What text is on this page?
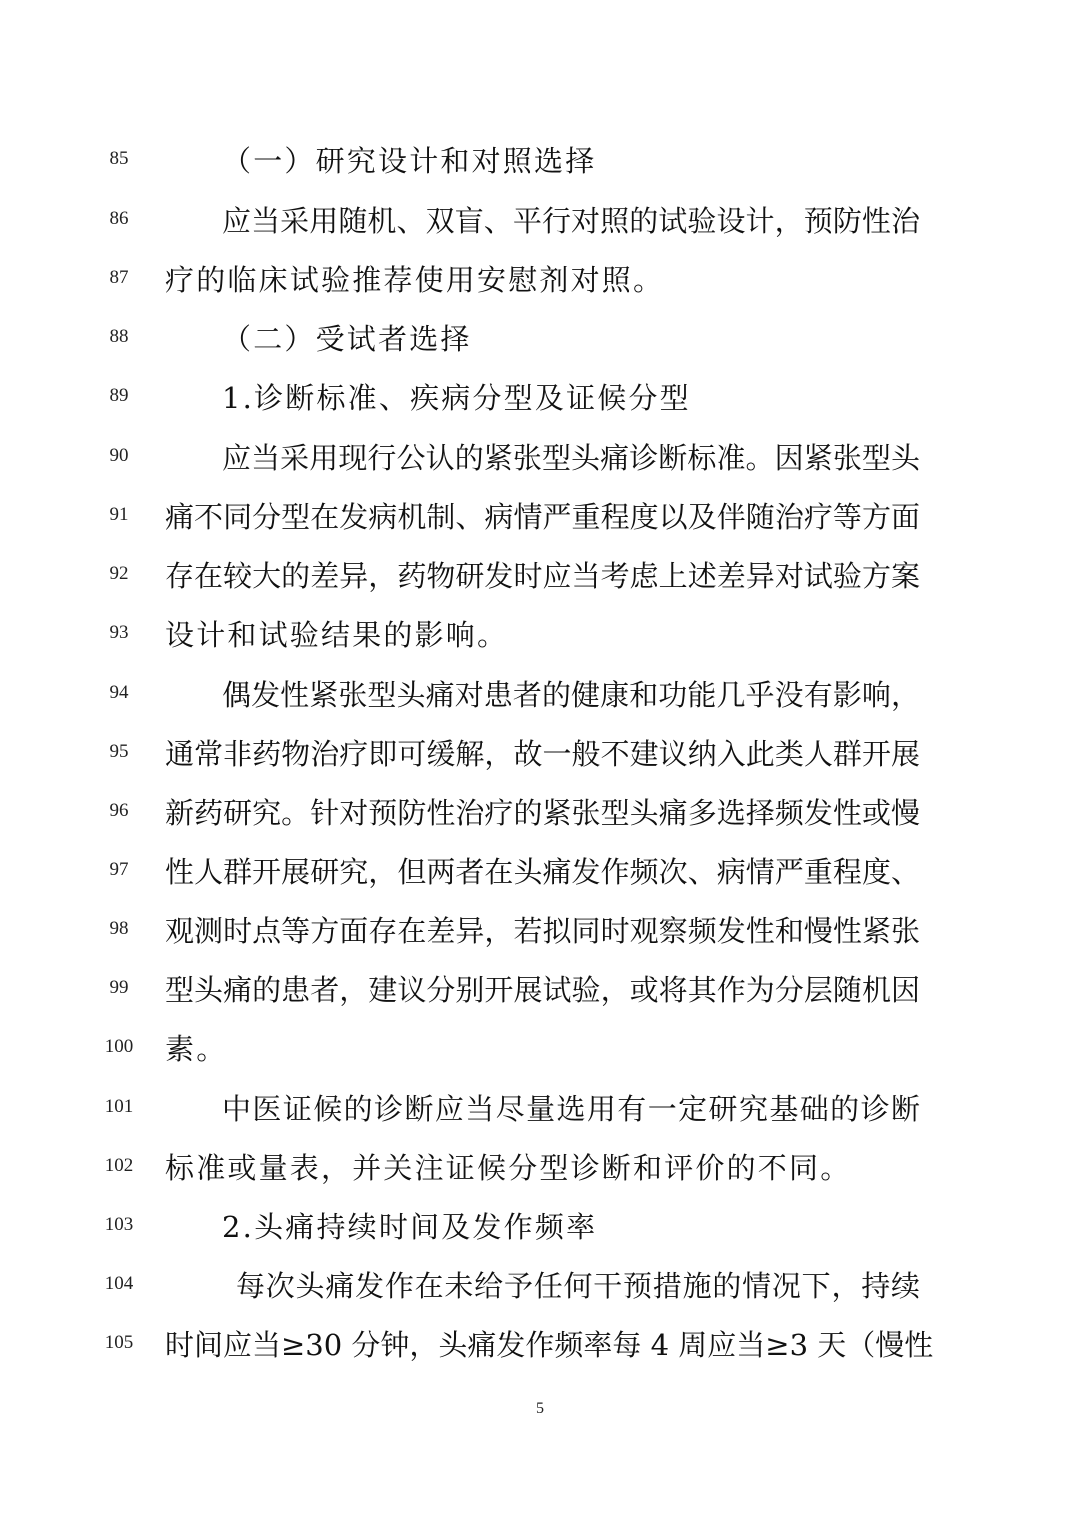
85	（一）研究设计和对照选择
86	应当采用随机、双盲、平行对照的试验设计，预防性治
87	疗的临床试验推荐使用安慰剂对照。
88	（二）受试者选择
89	1.诊断标准、疾病分型及证候分型
90	应当采用现行公认的紧张型头痛诊断标准。因紧张型头
91	痛不同分型在发病机制、病情严重程度以及伴随治疗等方面
92	存在较大的差异，药物研发时应当考虑上述差异对试验方案
93	设计和试验结果的影响。
94	偶发性紧张型头痛对患者的健康和功能几乎没有影响，
95	通常非药物治疗即可缓解，故一般不建议纳入此类人群开展
96	新药研究。针对预防性治疗的紧张型头痛多选择频发性或慢
97	性人群开展研究，但两者在头痛发作频次、病情严重程度、
98	观测时点等方面存在差异，若拟同时观察频发性和慢性紧张
99	型头痛的患者，建议分别开展试验，或将其作为分层随机因
100	素。
101	中医证候的诊断应当尽量选用有一定研究基础的诊断
102	标准或量表，并关注证候分型诊断和评价的不同。
103	2.头痛持续时间及发作频率
104	每次头痛发作在未给予任何干预措施的情况下，持续
105	时间应当≥30 分钟，头痛发作频率每 4 周应当≥3 天（慢性
5
